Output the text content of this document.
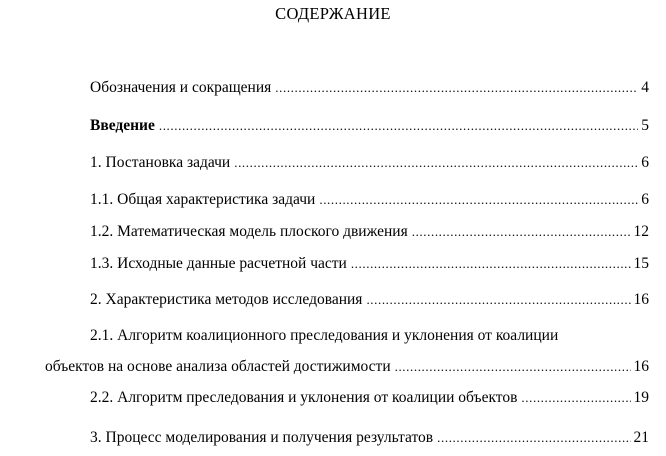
СОДЕРЖАНИЕ
Обозначения и сокращения .....	4
Введение .....	5
1. Постановка задачи .....	6
1.1. Общая характеристика задачи .....	6
1.2. Математическая модель плоского движения .....	12
1.3. Исходные данные расчетной части .....	15
2. Характеристика методов исследования .....	16
2.1. Алгоритм коалиционного преследования и уклонения от коалиции
объектов на основе анализа областей достижимости .....	16
2.2. Алгоритм преследования и уклонения от коалиции объектов .....	19
3. Процесс моделирования и получения результатов .....	21
